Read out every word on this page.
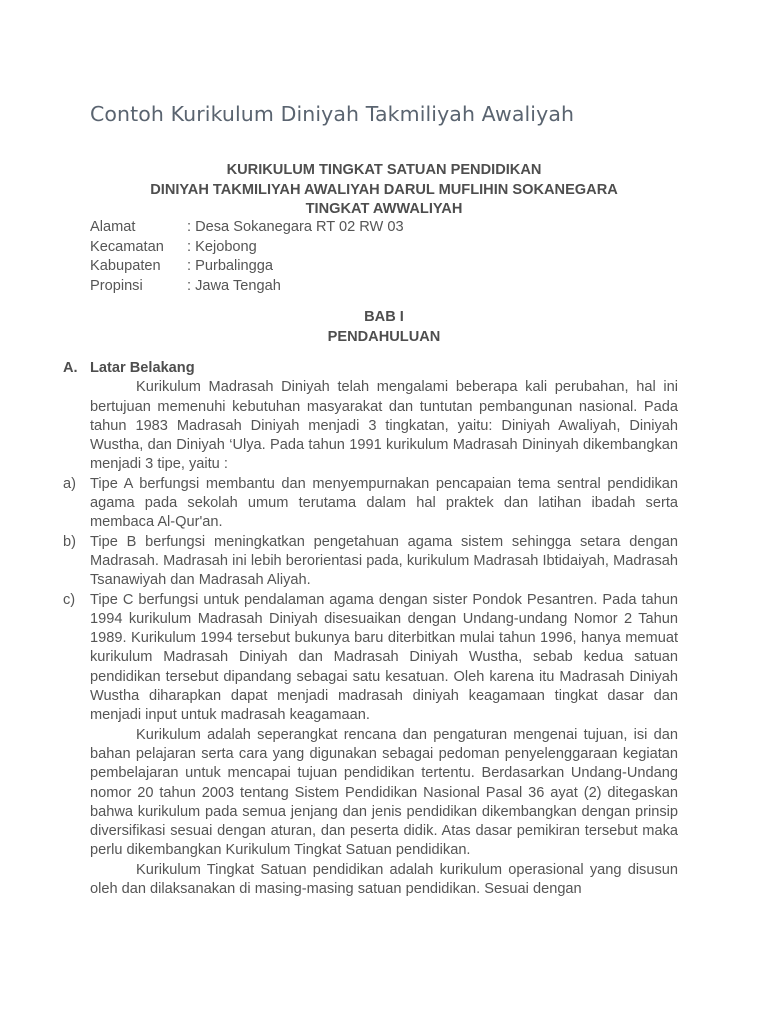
Contoh Kurikulum Diniyah Takmiliyah Awaliyah
KURIKULUM TINGKAT SATUAN PENDIDIKAN
DINIYAH TAKMILIYAH AWALIYAH DARUL MUFLIHIN SOKANEGARA
TINGKAT AWWALIYAH
Alamat	: Desa Sokanegara RT 02 RW 03
Kecamatan : Kejobong
Kabupaten : Purbalingga
Propinsi	: Jawa Tengah
BAB I
PENDAHULUAN

A. Latar Belakang

Kurikulum Madrasah Diniyah telah mengalami beberapa kali perubahan, hal ini bertujuan memenuhi kebutuhan masyarakat dan tuntutan pembangunan nasional. Pada tahun 1983 Madrasah Diniyah menjadi 3 tingkatan, yaitu: Diniyah Awaliyah, Diniyah Wustha, dan Diniyah ‘Ulya. Pada tahun 1991 kurikulum Madrasah Dininyah dikembangkan menjadi 3 tipe, yaitu :

a) Tipe A berfungsi membantu dan menyempurnakan pencapaian tema sentral pendidikan agama pada sekolah umum terutama dalam hal praktek dan latihan ibadah serta membaca Al-Qur'an.
b) Tipe B berfungsi meningkatkan pengetahuan agama sistem sehingga setara dengan Madrasah. Madrasah ini lebih berorientasi pada, kurikulum Madrasah Ibtidaiyah, Madrasah Tsanawiyah dan Madrasah Aliyah.
c) Tipe C berfungsi untuk pendalaman agama dengan sister Pondok Pesantren. Pada tahun 1994 kurikulum Madrasah Diniyah disesuaikan dengan Undang-undang Nomor 2 Tahun 1989. Kurikulum 1994 tersebut bukunya baru diterbitkan mulai tahun 1996, hanya memuat kurikulum Madrasah Diniyah dan Madrasah Diniyah Wustha, sebab kedua satuan pendidikan tersebut dipandang sebagai satu kesatuan. Oleh karena itu Madrasah Diniyah Wustha diharapkan dapat menjadi madrasah diniyah keagamaan tingkat dasar dan menjadi input untuk madrasah keagamaan.

Kurikulum adalah seperangkat rencana dan pengaturan mengenai tujuan, isi dan bahan pelajaran serta cara yang digunakan sebagai pedoman penyelenggaraan kegiatan pembelajaran untuk mencapai tujuan pendidikan tertentu. Berdasarkan Undang-Undang nomor 20 tahun 2003 tentang Sistem Pendidikan Nasional Pasal 36 ayat (2) ditegaskan bahwa kurikulum pada semua jenjang dan jenis pendidikan dikembangkan dengan prinsip diversifikasi sesuai dengan aturan, dan peserta didik. Atas dasar pemikiran tersebut maka perlu dikembangkan Kurikulum Tingkat Satuan pendidikan.

Kurikulum Tingkat Satuan pendidikan adalah kurikulum operasional yang disusun oleh dan dilaksanakan di masing-masing satuan pendidikan. Sesuai dengan
